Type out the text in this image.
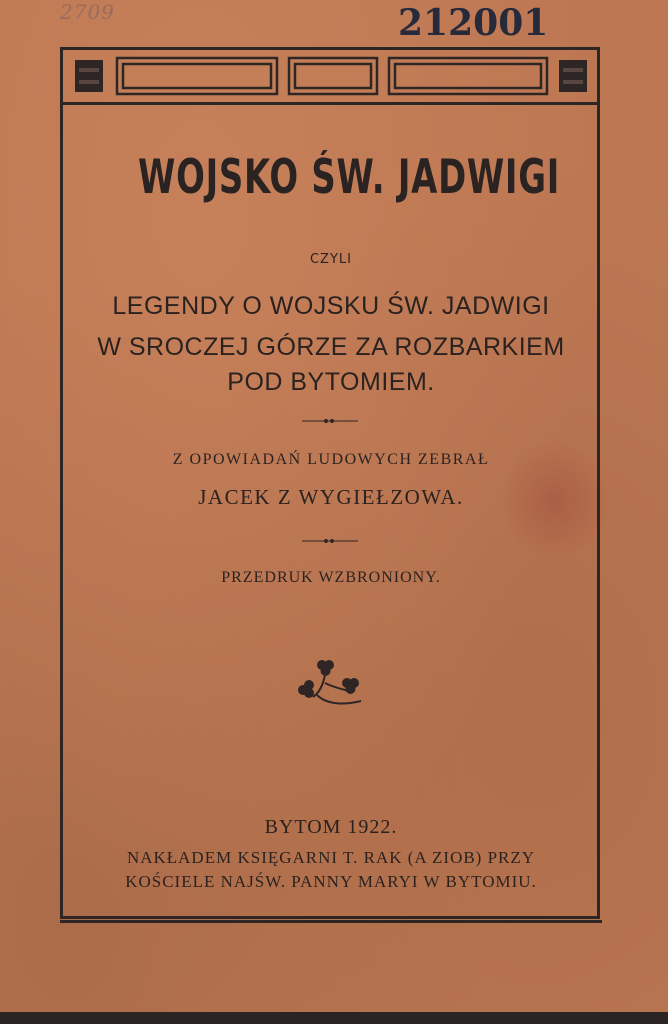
2709	212001
WOJSKO ŚW. JADWIGI
CZYLI
LEGENDY O WOJSKU ŚW. JADWIGI
W SROCZEJ GÓRZE ZA ROZBARKIEM
POD BYTOMIEM.
Z OPOWIADAŃ LUDOWYCH ZEBRAŁ
JACEK Z WYGIEŁZOWA.
PRZEDRUK WZBRONIONY.
BYTOM 1922.
NAKŁADEM KSIĘGARNI T. RAK (A ZIOB) PRZY
KOŚCIELE NAJŚW. PANNY MARYI W BYTOMIU.
